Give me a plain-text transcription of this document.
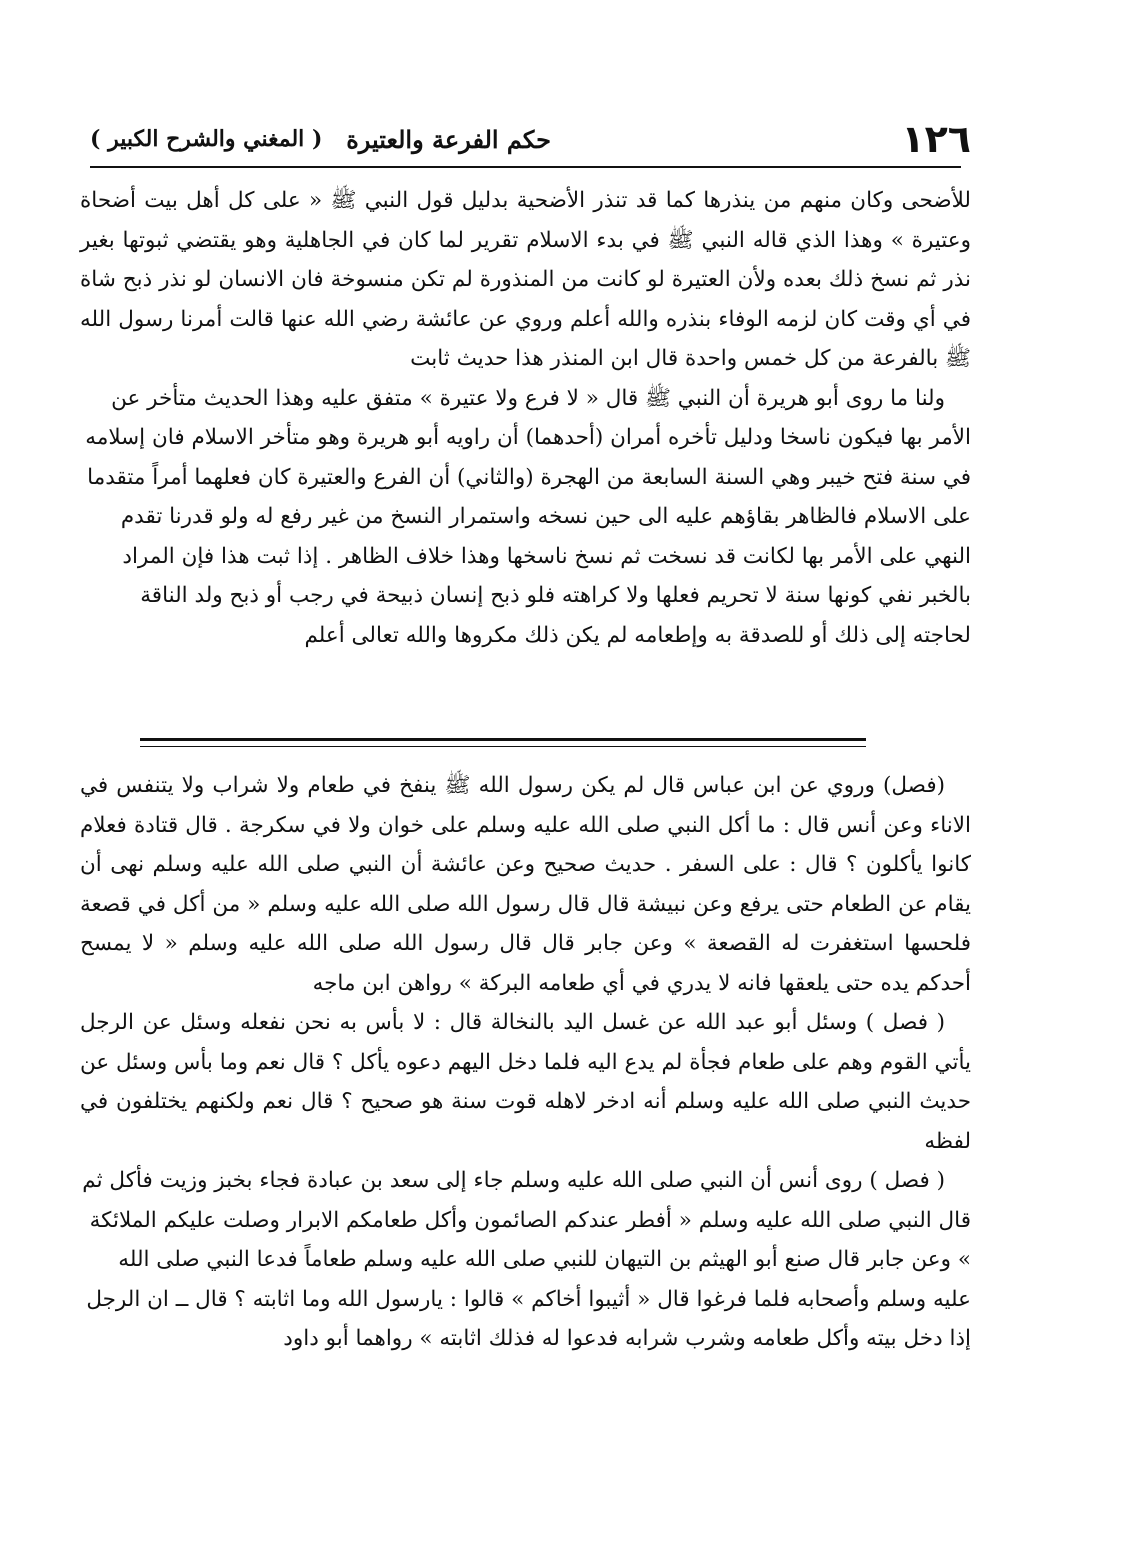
١٢٦
حكم الفرعة والعتيرة
( المغني والشرح الكبير )

للأضحى وكان منهم من ينذرها كما قد تنذر الأضحية بدليل قول النبي ﷺ « على كل أهل بيت أضحاة وعتيرة » وهذا الذي قاله النبي ﷺ في بدء الاسلام تقرير لما كان في الجاهلية وهو يقتضي ثبوتها بغير نذر ثم نسخ ذلك بعده ولأن العتيرة لو كانت من المنذورة لم تكن منسوخة فان الانسان لو نذر ذبح شاة في أي وقت كان لزمه الوفاء بنذره والله أعلم وروي عن عائشة رضي الله عنها قالت أمرنا رسول الله ﷺ بالفرعة من كل خمس واحدة قال ابن المنذر هذا حديث ثابت

ولنا ما روى أبو هريرة أن النبي ﷺ قال « لا فرع ولا عتيرة » متفق عليه وهذا الحديث متأخر عن الأمر بها فيكون ناسخا ودليل تأخره أمران (أحدهما) أن راويه أبو هريرة وهو متأخر الاسلام فان إسلامه في سنة فتح خيبر وهي السنة السابعة من الهجرة (والثاني) أن الفرع والعتيرة كان فعلهما أمراً متقدما على الاسلام فالظاهر بقاؤهم عليه الى حين نسخه واستمرار النسخ من غير رفع له ولو قدرنا تقدم النهي على الأمر بها لكانت قد نسخت ثم نسخ ناسخها وهذا خلاف الظاهر . إذا ثبت هذا فإن المراد بالخبر نفي كونها سنة لا تحريم فعلها ولا كراهته فلو ذبح إنسان ذبيحة في رجب أو ذبح ولد الناقة لحاجته إلى ذلك أو للصدقة به وإطعامه لم يكن ذلك مكروها والله تعالى أعلم

(فصل) وروي عن ابن عباس قال لم يكن رسول الله ﷺ ينفخ في طعام ولا شراب ولا يتنفس في الاناء وعن أنس قال : ما أكل النبي صلى الله عليه وسلم على خوان ولا في سكرجة . قال قتادة فعلام كانوا يأكلون ؟ قال : على السفر . حديث صحيح وعن عائشة أن النبي صلى الله عليه وسلم نهى أن يقام عن الطعام حتى يرفع وعن نبيشة قال قال رسول الله صلى الله عليه وسلم « من أكل في قصعة فلحسها استغفرت له القصعة » وعن جابر قال قال رسول الله صلى الله عليه وسلم « لا يمسح أحدكم يده حتى يلعقها فانه لا يدري في أي طعامه البركة » رواهن ابن ماجه

( فصل ) وسئل أبو عبد الله عن غسل اليد بالنخالة قال : لا بأس به نحن نفعله وسئل عن الرجل يأتي القوم وهم على طعام فجأة لم يدع اليه فلما دخل اليهم دعوه يأكل ؟ قال نعم وما بأس وسئل عن حديث النبي صلى الله عليه وسلم أنه ادخر لاهله قوت سنة هو صحيح ؟ قال نعم ولكنهم يختلفون في لفظه

( فصل ) روى أنس أن النبي صلى الله عليه وسلم جاء إلى سعد بن عبادة فجاء بخبز وزيت فأكل ثم قال النبي صلى الله عليه وسلم « أفطر عندكم الصائمون وأكل طعامكم الابرار وصلت عليكم الملائكة » وعن جابر قال صنع أبو الهيثم بن التيهان للنبي صلى الله عليه وسلم طعاماً فدعا النبي صلى الله عليه وسلم وأصحابه فلما فرغوا قال « أثيبوا أخاكم » قالوا : يارسول الله وما اثابته ؟ قال ــ ان الرجل إذا دخل بيته وأكل طعامه وشرب شرابه فدعوا له فذلك اثابته » رواهما أبو داود
